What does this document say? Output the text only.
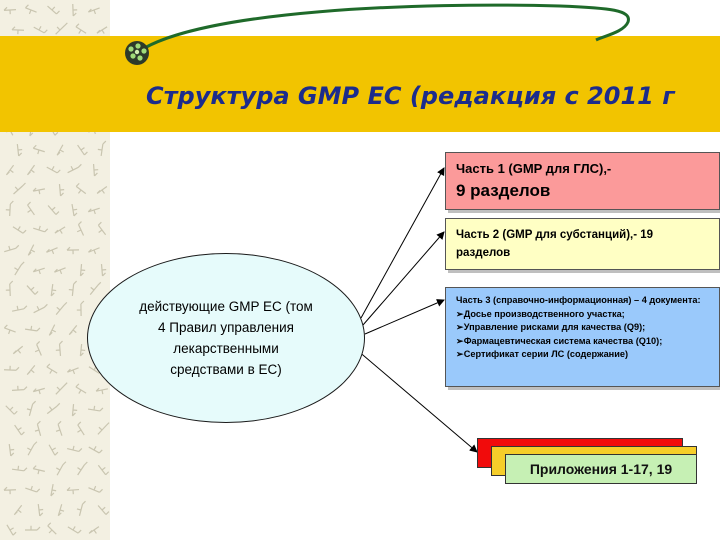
Структура GMP ЕС (редакция с 2011 г
действующие GMP ЕС (том 4 Правил управления лекарственными средствами в ЕС)
Часть 1 (GMP для ГЛС),-
9 разделов
Часть 2 (GMP для субстанций),- 19 разделов
Часть 3 (справочно-информационная) – 4 документа:
➢Досье производственного участка;
➢Управление рисками для качества (Q9);
➢Фармацевтическая система качества (Q10);
➢Сертификат серии ЛС (содержание)
Приложения 1-17, 19
